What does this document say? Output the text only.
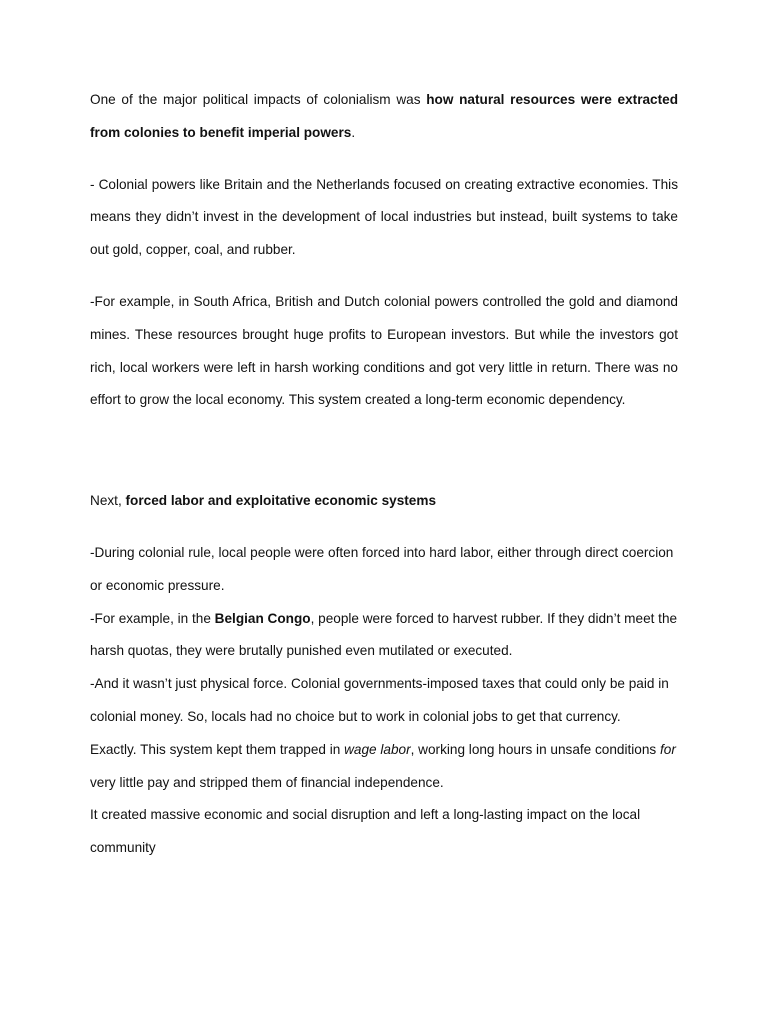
One of the major political impacts of colonialism was how natural resources were extracted from colonies to benefit imperial powers.

- Colonial powers like Britain and the Netherlands focused on creating extractive economies. This means they didn’t invest in the development of local industries but instead, built systems to take out gold, copper, coal, and rubber.

-For example, in South Africa, British and Dutch colonial powers controlled the gold and diamond mines. These resources brought huge profits to European investors. But while the investors got rich, local workers were left in harsh working conditions and got very little in return. There was no effort to grow the local economy. This system created a long-term economic dependency.

Next, forced labor and exploitative economic systems

-During colonial rule, local people were often forced into hard labor, either through direct coercion or economic pressure.

-For example, in the Belgian Congo, people were forced to harvest rubber. If they didn’t meet the harsh quotas, they were brutally punished even mutilated or executed.

-And it wasn’t just physical force. Colonial governments-imposed taxes that could only be paid in colonial money. So, locals had no choice but to work in colonial jobs to get that currency.

Exactly. This system kept them trapped in wage labor, working long hours in unsafe conditions for very little pay and stripped them of financial independence.

It created massive economic and social disruption and left a long-lasting impact on the local community
